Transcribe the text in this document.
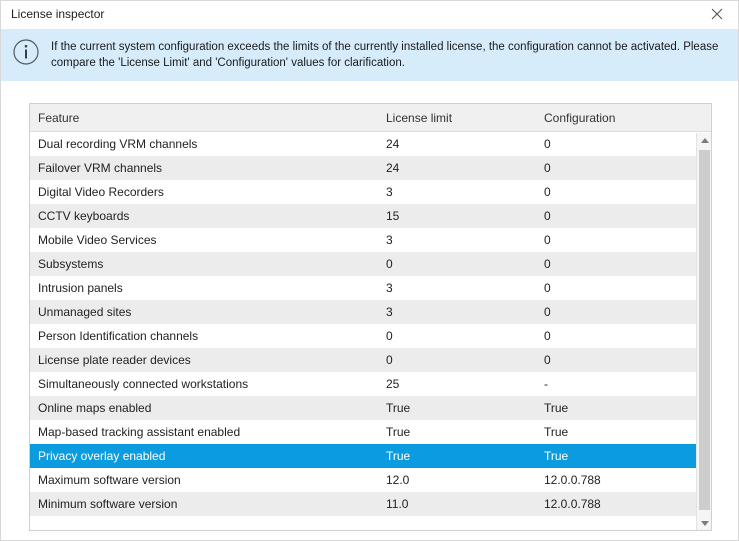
License inspector
If the current system configuration exceeds the limits of the currently installed license, the configuration cannot be activated. Please compare the 'License Limit' and 'Configuration' values for clarification.
Feature	License limit	Configuration
Dual recording VRM channels	24	0
Failover VRM channels	24	0
Digital Video Recorders	3	0
CCTV keyboards	15	0
Mobile Video Services	3	0
Subsystems	0	0
Intrusion panels	3	0
Unmanaged sites	3	0
Person Identification channels	0	0
License plate reader devices	0	0
Simultaneously connected workstations	25	-
Online maps enabled	True	True
Map-based tracking assistant enabled	True	True
Privacy overlay enabled	True	True
Maximum software version	12.0	12.0.0.788
Minimum software version	11.0	12.0.0.788
